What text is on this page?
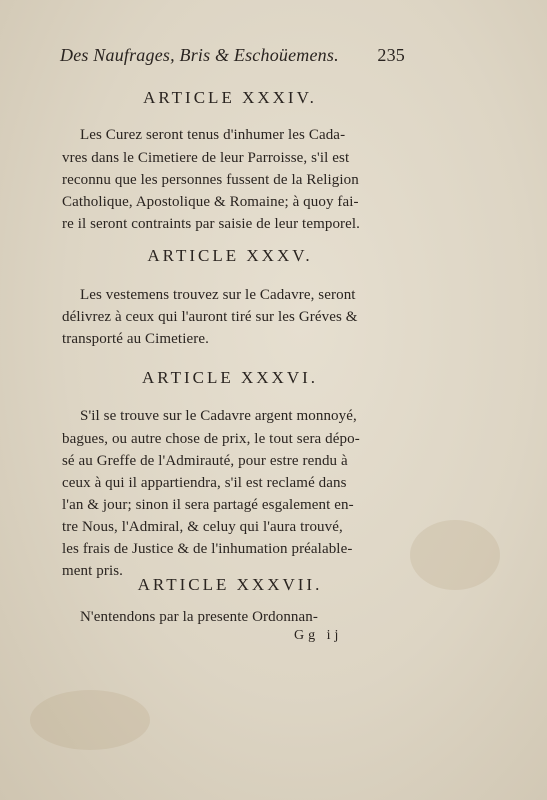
Des Naufrages, Bris & Eschoüemens. 235
ARTICLE XXXIV.
Les Curez seront tenus d'inhumer les Cada-
vres dans le Cimetiere de leur Parroisse, s'il est
reconnu que les personnes fussent de la Religion
Catholique, Apostolique & Romaine; à quoy fai-
re il seront contraints par saisie de leur temporel.
ARTICLE XXXV.
Les vestemens trouvez sur le Cadavre, seront
délivrez à ceux qui l'auront tiré sur les Gréves &
transporté au Cimetiere.
ARTICLE XXXVI.
S'il se trouve sur le Cadavre argent monnoyé,
bagues, ou autre chose de prix, le tout sera dépo-
sé au Greffe de l'Admirauté, pour estre rendu à
ceux à qui il appartiendra, s'il est reclamé dans
l'an & jour; sinon il sera partagé esgalement en-
tre Nous, l'Admiral, & celuy qui l'aura trouvé,
les frais de Justice & de l'inhumation préalable-
ment pris.
ARTICLE XXXVII.
N'entendons par la presente Ordonnan-
Gg ij
